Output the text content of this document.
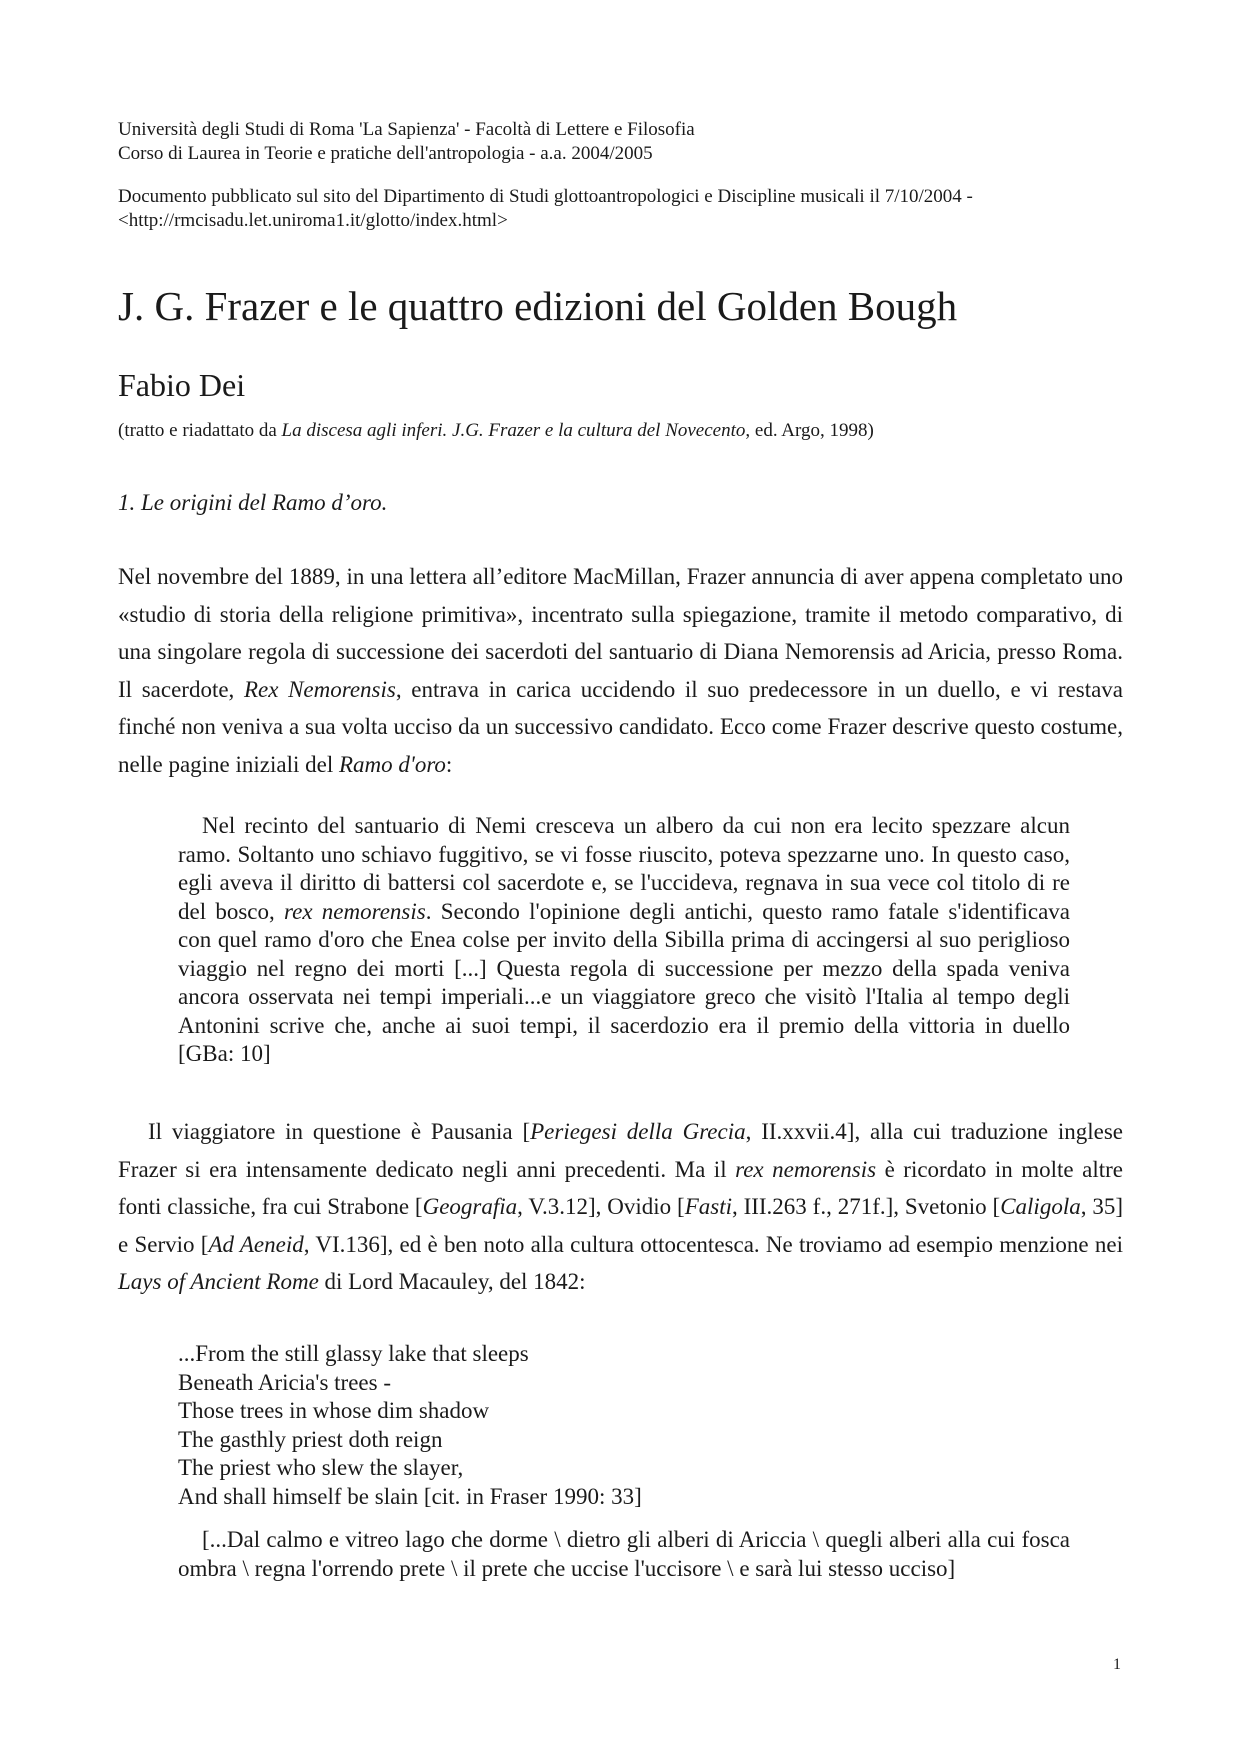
Università degli Studi di Roma 'La Sapienza' - Facoltà di Lettere e Filosofia
Corso di Laurea in Teorie e pratiche dell'antropologia - a.a. 2004/2005
Documento pubblicato sul sito del Dipartimento di Studi glottoantropologici e Discipline musicali il 7/10/2004 -
<http://rmcisadu.let.uniroma1.it/glotto/index.html>
J. G. Frazer e le quattro edizioni del Golden Bough
Fabio Dei
(tratto e riadattato da La discesa agli inferi. J.G. Frazer e la cultura del Novecento, ed. Argo, 1998)
1. Le origini del Ramo d’oro.

Nel novembre del 1889, in una lettera all’editore MacMillan, Frazer annuncia di aver appena completato uno «studio di storia della religione primitiva», incentrato sulla spiegazione, tramite il metodo comparativo, di una singolare regola di successione dei sacerdoti del santuario di Diana Nemorensis ad Aricia, presso Roma. Il sacerdote, Rex Nemorensis, entrava in carica uccidendo il suo predecessore in un duello, e vi restava finché non veniva a sua volta ucciso da un successivo candidato. Ecco come Frazer descrive questo costume, nelle pagine iniziali del Ramo d'oro:

Nel recinto del santuario di Nemi cresceva un albero da cui non era lecito spezzare alcun ramo. Soltanto uno schiavo fuggitivo, se vi fosse riuscito, poteva spezzarne uno. In questo caso, egli aveva il diritto di battersi col sacerdote e, se l'uccideva, regnava in sua vece col titolo di re del bosco, rex nemorensis. Secondo l'opinione degli antichi, questo ramo fatale s'identificava con quel ramo d'oro che Enea colse per invito della Sibilla prima di accingersi al suo periglioso viaggio nel regno dei morti [...] Questa regola di successione per mezzo della spada veniva ancora osservata nei tempi imperiali...e un viaggiatore greco che visitò l'Italia al tempo degli Antonini scrive che, anche ai suoi tempi, il sacerdozio era il premio della vittoria in duello [GBa: 10]

Il viaggiatore in questione è Pausania [Periegesi della Grecia, II.xxvii.4], alla cui traduzione inglese Frazer si era intensamente dedicato negli anni precedenti. Ma il rex nemorensis è ricordato in molte altre fonti classiche, fra cui Strabone [Geografia, V.3.12], Ovidio [Fasti, III.263 f., 271f.], Svetonio [Caligola, 35] e Servio [Ad Aeneid, VI.136], ed è ben noto alla cultura ottocentesca. Ne troviamo ad esempio menzione nei Lays of Ancient Rome di Lord Macauley, del 1842:

...From the still glassy lake that sleeps
Beneath Aricia's trees -
Those trees in whose dim shadow
The gasthly priest doth reign
The priest who slew the slayer,
And shall himself be slain [cit. in Fraser 1990: 33]

[...Dal calmo e vitreo lago che dorme \ dietro gli alberi di Ariccia \ quegli alberi alla cui fosca ombra \ regna l'orrendo prete \ il prete che uccise l'uccisore \ e sarà lui stesso ucciso]

1
